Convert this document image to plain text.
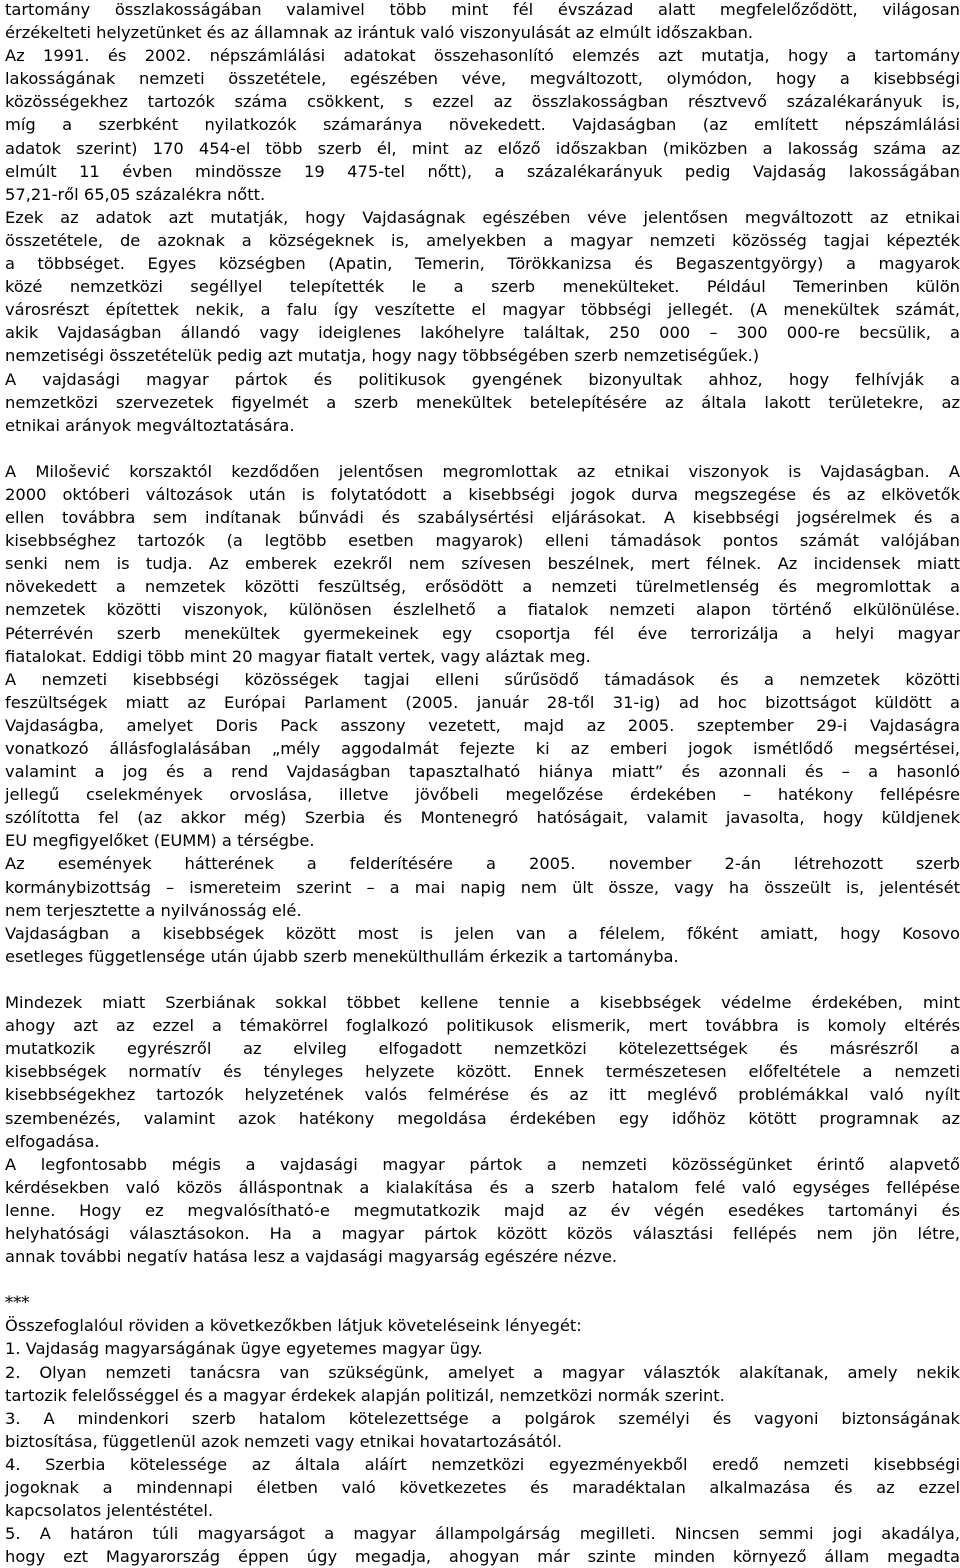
tartomány összlakosságában valamivel több mint fél évszázad alatt megfelelőződött, világosan
érzékelteti helyzetünket és az államnak az irántuk való viszonyulását az elmúlt időszakban.
Az 1991. és 2002. népszámlálási adatokat összehasonlító elemzés azt mutatja, hogy a tartomány
lakosságának nemzeti összetétele, egészében véve, megváltozott, olymódon, hogy a kisebbségi
közösségekhez tartozók száma csökkent, s ezzel az összlakosságban résztvevő százalékarányuk is,
míg a szerbként nyilatkozók számaránya növekedett. Vajdaságban (az említett népszámlálási
adatok szerint) 170 454-el több szerb él, mint az előző időszakban (miközben a lakosság száma az
elmúlt 11 évben mindössze 19 475-tel nőtt), a százalékarányuk pedig Vajdaság lakosságában
57,21-ről 65,05 százalékra nőtt.
Ezek az adatok azt mutatják, hogy Vajdaságnak egészében véve jelentősen megváltozott az etnikai
összetétele, de azoknak a községeknek is, amelyekben a magyar nemzeti közösség tagjai képezték
a többséget. Egyes községben (Apatin, Temerin, Törökkanizsa és Begaszentgyörgy) a magyarok
közé nemzetközi segéllyel telepítették le a szerb menekülteket. Például Temerinben külön
városrészt építettek nekik, a falu így veszítette el magyar többségi jellegét. (A menekültek számát,
akik Vajdaságban állandó vagy ideiglenes lakóhelyre találtak, 250 000 – 300 000-re becsülik, a
nemzetiségi összetételük pedig azt mutatja, hogy nagy többségében szerb nemzetiségűek.)
A vajdasági magyar pártok és politikusok gyengének bizonyultak ahhoz, hogy felhívják a
nemzetközi szervezetek figyelmét a szerb menekültek betelepítésére az általa lakott területekre, az
etnikai arányok megváltoztatására.
A Milošević korszaktól kezdődően jelentősen megromlottak az etnikai viszonyok is Vajdaságban. A
2000 októberi változások után is folytatódott a kisebbségi jogok durva megszegése és az elkövetők
ellen továbbra sem indítanak bűnvádi és szabálysértési eljárásokat. A kisebbségi jogsérelmek és a
kisebbséghez tartozók (a legtöbb esetben magyarok) elleni támadások pontos számát valójában
senki nem is tudja. Az emberek ezekről nem szívesen beszélnek, mert félnek. Az incidensek miatt
növekedett a nemzetek közötti feszültség, erősödött a nemzeti türelmetlenség és megromlottak a
nemzetek közötti viszonyok, különösen észlelhető a fiatalok nemzeti alapon történő elkülönülése.
Péterrévén szerb menekültek gyermekeinek egy csoportja fél éve terrorizálja a helyi magyar
fiatalokat. Eddigi több mint 20 magyar fiatalt vertek, vagy aláztak meg.
A nemzeti kisebbségi közösségek tagjai elleni sűrűsödő támadások és a nemzetek közötti
feszültségek miatt az Európai Parlament (2005. január 28-től 31-ig) ad hoc bizottságot küldött a
Vajdaságba, amelyet Doris Pack asszony vezetett, majd az 2005. szeptember 29-i Vajdaságra
vonatkozó állásfoglalásában „mély aggodalmát fejezte ki az emberi jogok ismétlődő megsértései,
valamint a jog és a rend Vajdaságban tapasztalható hiánya miatt” és azonnali és – a hasonló
jellegű cselekmények orvoslása, illetve jövőbeli megelőzése érdekében – hatékony fellépésre
szólította fel (az akkor még) Szerbia és Montenegró hatóságait, valamit javasolta, hogy küldjenek
EU megfigyelőket (EUMM) a térségbe.
Az események hátterének a felderítésére a 2005. november 2-án létrehozott szerb
kormánybizottság – ismereteim szerint – a mai napig nem ült össze, vagy ha összeült is, jelentését
nem terjesztette a nyilvánosság elé.
Vajdaságban a kisebbségek között most is jelen van a félelem, főként amiatt, hogy Kosovo
esetleges függetlensége után újabb szerb menekülthullám érkezik a tartományba.
Mindezek miatt Szerbiának sokkal többet kellene tennie a kisebbségek védelme érdekében, mint
ahogy azt az ezzel a témakörrel foglalkozó politikusok elismerik, mert továbbra is komoly eltérés
mutatkozik egyrészről az elvileg elfogadott nemzetközi kötelezettségek és másrészről a
kisebbségek normatív és tényleges helyzete között. Ennek természetesen előfeltétele a nemzeti
kisebbségekhez tartozók helyzetének valós felmérése és az itt meglévő problémákkal való nyílt
szembenézés, valamint azok hatékony megoldása érdekében egy időhöz kötött programnak az
elfogadása.
A legfontosabb mégis a vajdasági magyar pártok a nemzeti közösségünket érintő alapvető
kérdésekben való közös álláspontnak a kialakítása és a szerb hatalom felé való egységes fellépése
lenne. Hogy ez megvalósítható-e megmutatkozik majd az év végén esedékes tartományi és
helyhatósági választásokon. Ha a magyar pártok között közös választási fellépés nem jön létre,
annak további negatív hatása lesz a vajdasági magyarság egészére nézve.
***
Összefoglalóul röviden a következőkben látjuk követeléseink lényegét:
1. Vajdaság magyarságának ügye egyetemes magyar ügy.
2. Olyan nemzeti tanácsra van szükségünk, amelyet a magyar választók alakítanak, amely nekik
tartozik felelősséggel és a magyar érdekek alapján politizál, nemzetközi normák szerint.
3. A mindenkori szerb hatalom kötelezettsége a polgárok személyi és vagyoni biztonságának
biztosítása, függetlenül azok nemzeti vagy etnikai hovatartozásától.
4. Szerbia kötelessége az általa aláírt nemzetközi egyezményekből eredő nemzeti kisebbségi
jogoknak a mindennapi életben való következetes és maradéktalan alkalmazása és az ezzel
kapcsolatos jelentéstétel.
5. A határon túli magyarságot a magyar állampolgárság megilleti. Nincsen semmi jogi akadálya,
hogy ezt Magyarország éppen úgy megadja, ahogyan már szinte minden környező állam megadta
